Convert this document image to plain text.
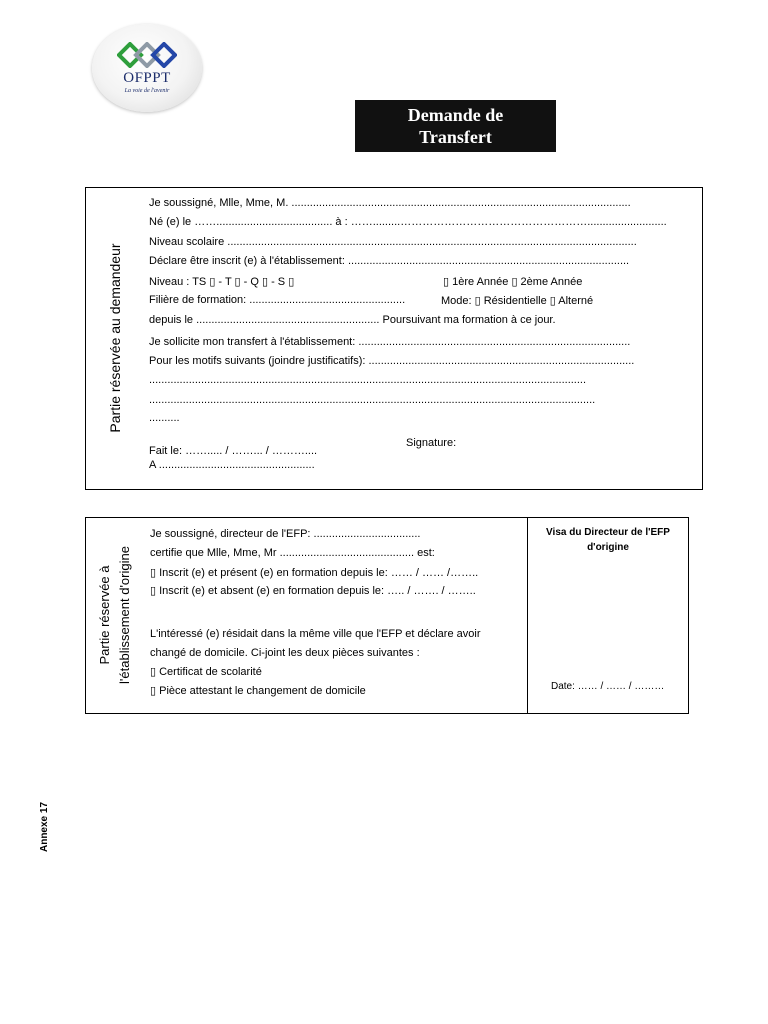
OFPPT
La voie de l'avenir
Demande de
Transfert
Partie réservée au demandeur
Je soussigné, Mlle, Mme, M. ...............................................................................................................
Né (e) le ……...................................... à : …….........……………………………………………..........................
Niveau scolaire ......................................................................................................................................
Déclare être inscrit (e) à l'établissement: ............................................................................................
Niveau : TS ▯ - T ▯ - Q ▯ - S ▯	▯ 1ère Année ▯ 2ème Année
Filière de formation: ...................................................	Mode: ▯ Résidentielle ▯ Alterné
depuis le ............................................................ Poursuivant ma formation à ce jour.
Je sollicite mon transfert à l'établissement: .........................................................................................
Pour les motifs suivants (joindre justificatifs): .......................................................................................
...............................................................................................................................................
..................................................................................................................................................
..........
Signature:
Fait le: ……..... / ……... / ………....
A ...................................................
Partie réservée à l'établissement d'origine
Je soussigné, directeur de l'EFP: ...................................
certifie que Mlle, Mme, Mr ............................................ est:
▯ Inscrit (e) et présent (e) en formation depuis le: …… / …… /……..
▯ Inscrit (e) et absent (e) en formation depuis le: ….. / ……. / ……..
L'intéressé (e) résidait dans la même ville que l'EFP et déclare avoir
changé de domicile. Ci-joint les deux pièces suivantes :
▯ Certificat de scolarité
▯ Pièce attestant le changement de domicile
Visa du Directeur de l'EFP
d'origine
Date: …… / …… / ………
Annexe 17
